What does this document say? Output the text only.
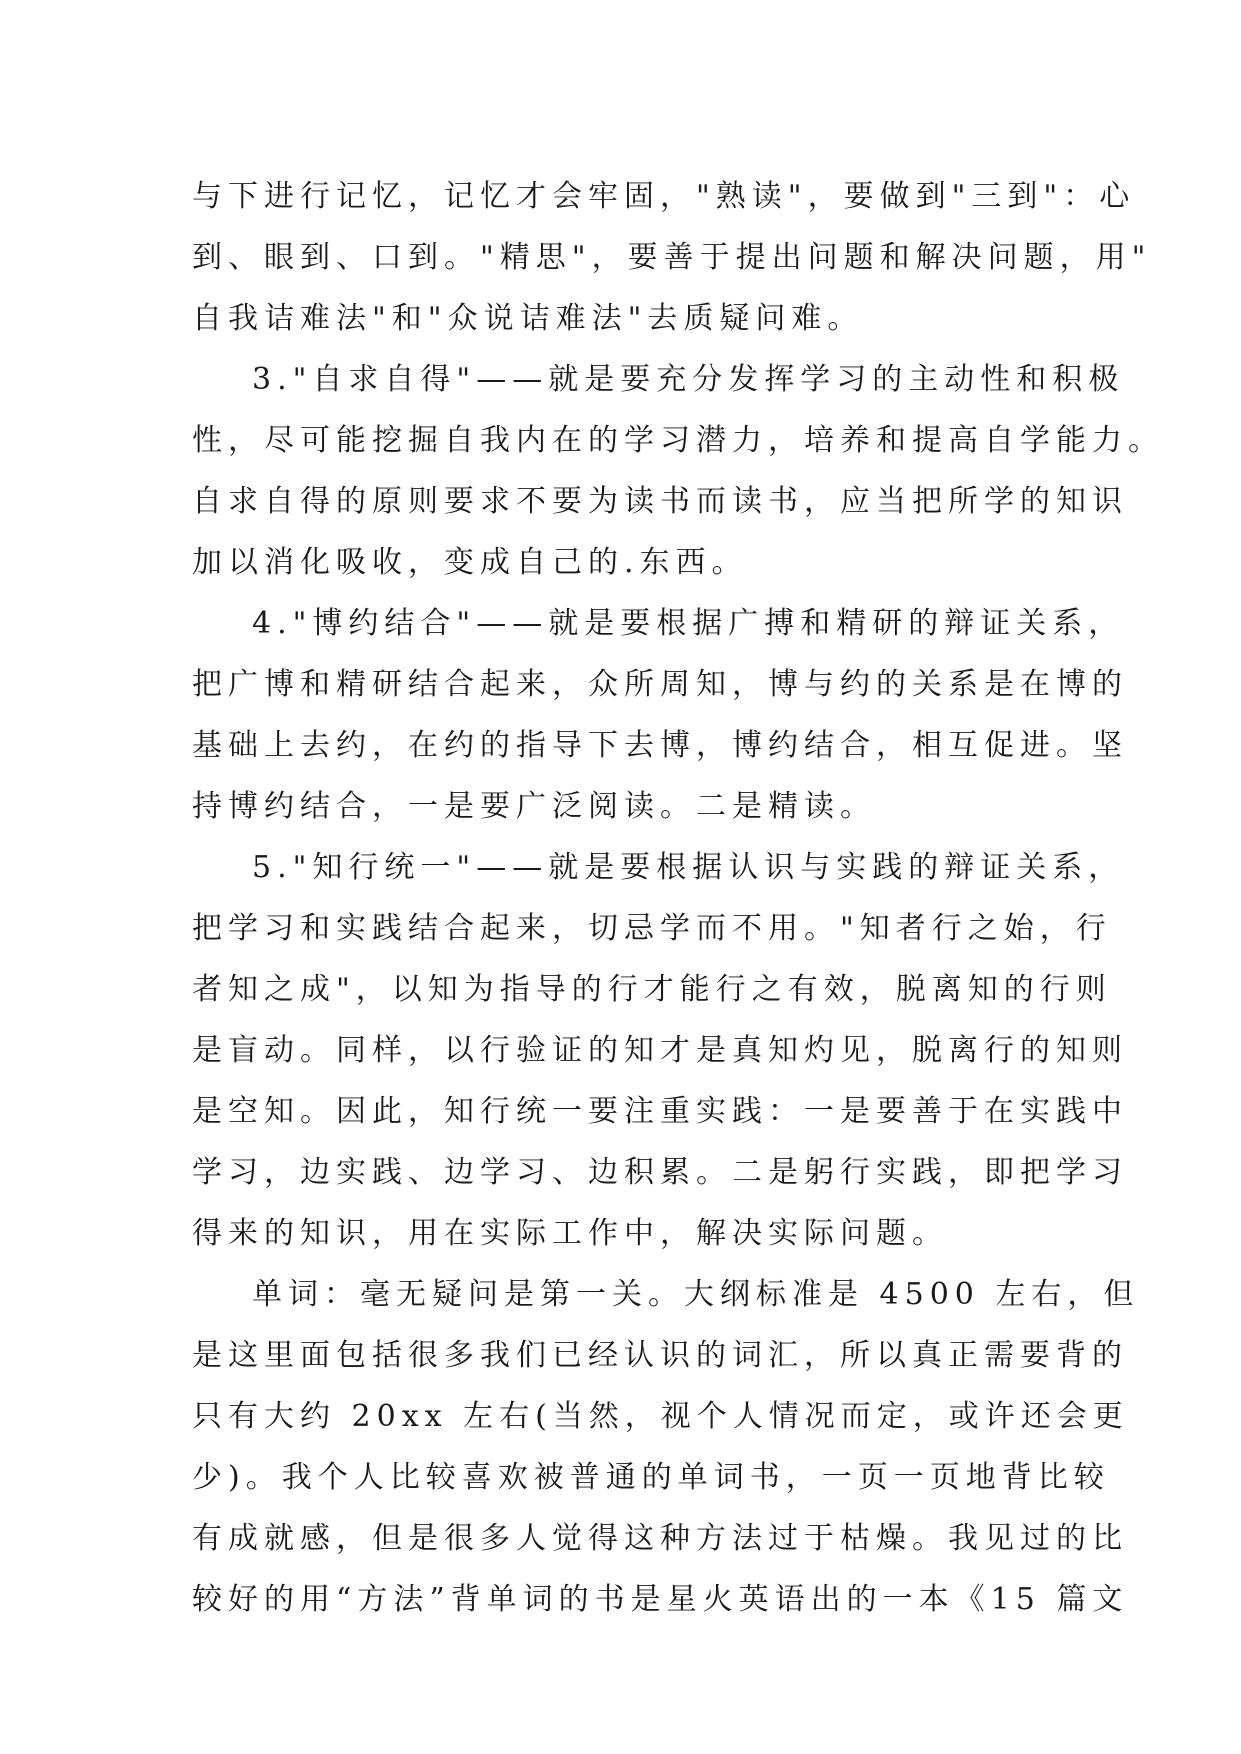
与下进行记忆，记忆才会牢固，"熟读"，要做到"三到"：心
到、眼到、口到。"精思"，要善于提出问题和解决问题，用"
自我诘难法"和"众说诘难法"去质疑问难。
3."自求自得"——就是要充分发挥学习的主动性和积极
性，尽可能挖掘自我内在的学习潜力，培养和提高自学能力。
自求自得的原则要求不要为读书而读书，应当把所学的知识
加以消化吸收，变成自己的.东西。
4."博约结合"——就是要根据广搏和精研的辩证关系，
把广博和精研结合起来，众所周知，博与约的关系是在博的
基础上去约，在约的指导下去博，博约结合，相互促进。坚
持博约结合，一是要广泛阅读。二是精读。
5."知行统一"——就是要根据认识与实践的辩证关系，
把学习和实践结合起来，切忌学而不用。"知者行之始，行
者知之成"，以知为指导的行才能行之有效，脱离知的行则
是盲动。同样，以行验证的知才是真知灼见，脱离行的知则
是空知。因此，知行统一要注重实践：一是要善于在实践中
学习，边实践、边学习、边积累。二是躬行实践，即把学习
得来的知识，用在实际工作中，解决实际问题。
单词：毫无疑问是第一关。大纲标准是 4500 左右，但
是这里面包括很多我们已经认识的词汇，所以真正需要背的
只有大约 20xx 左右(当然，视个人情况而定，或许还会更
少)。我个人比较喜欢被普通的单词书，一页一页地背比较
有成就感，但是很多人觉得这种方法过于枯燥。我见过的比
较好的用“方法”背单词的书是星火英语出的一本《15 篇文
